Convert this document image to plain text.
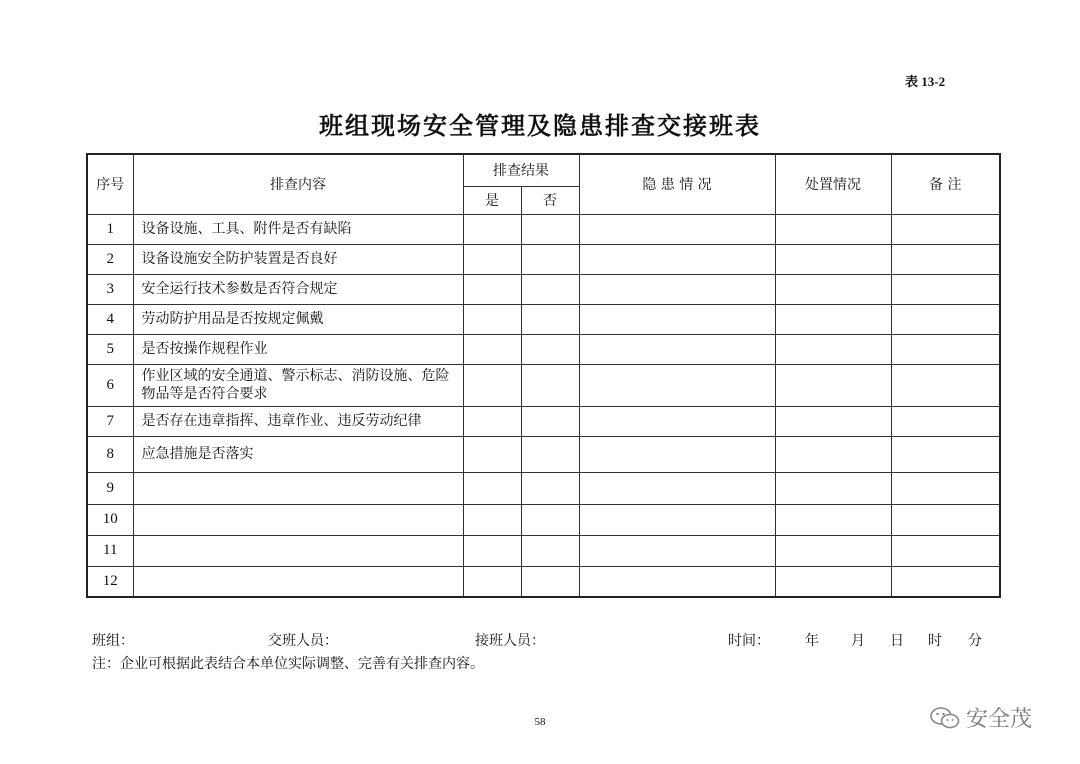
表 13-2
班组现场安全管理及隐患排查交接班表
序号	排查内容	排查结果		隐 患 情 况	处置情况	备 注
		是	否			
1	设备设施、工具、附件是否有缺陷					
2	设备设施安全防护装置是否良好					
3	安全运行技术参数是否符合规定					
4	劳动防护用品是否按规定佩戴					
5	是否按操作规程作业					
6	作业区域的安全通道、警示标志、消防设施、危险物品等是否符合要求					
7	是否存在违章指挥、违章作业、违反劳动纪律					
8	应急措施是否落实					
9						
10						
11						
12						
班组：	交班人员：	接班人员：	时间：	年 月 日 时 分
注：企业可根据此表结合本单位实际调整、完善有关排查内容。
58	安全茂
